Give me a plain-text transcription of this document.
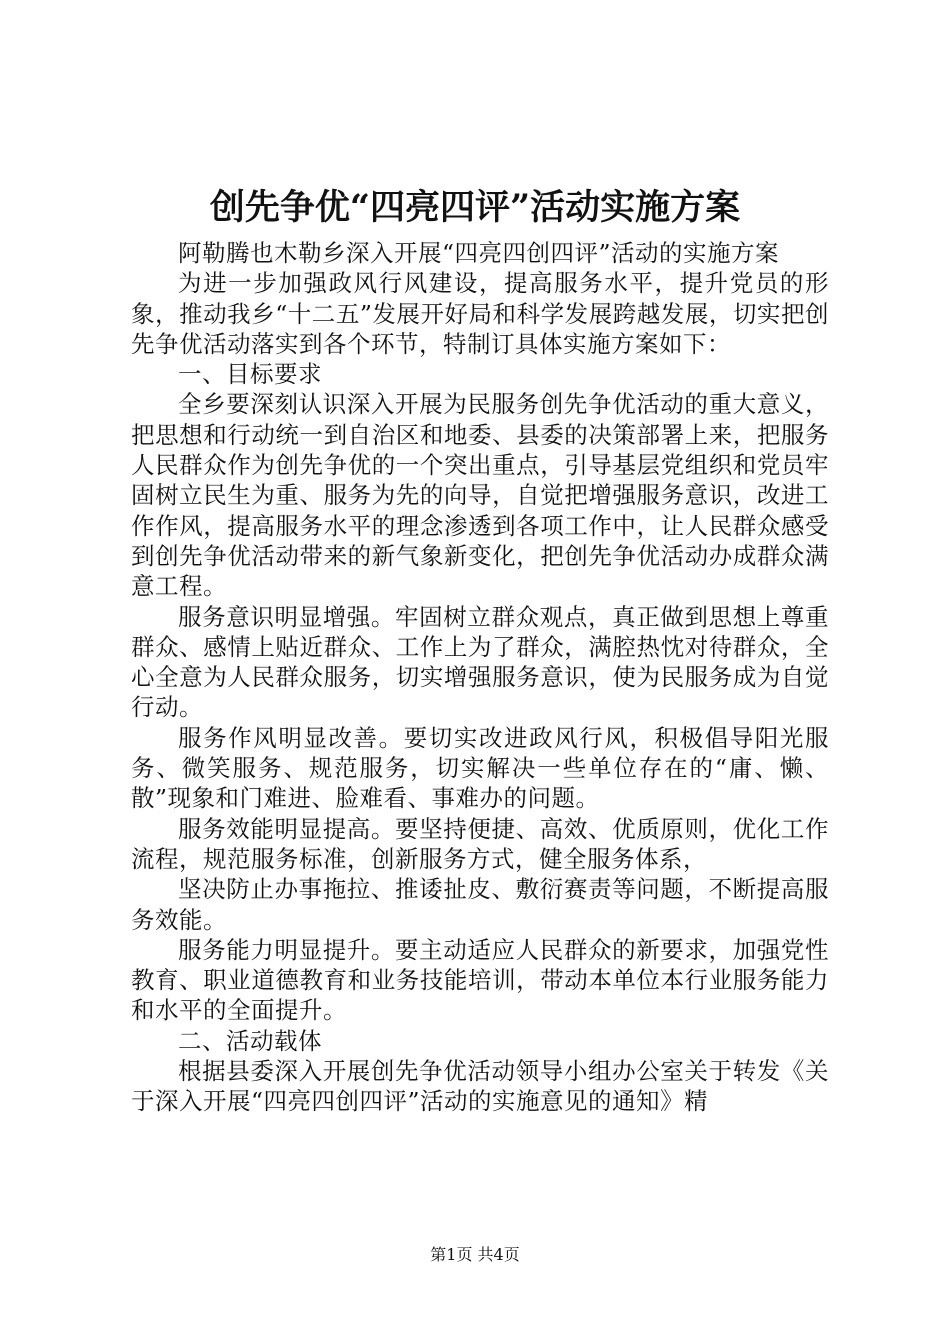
创先争优“四亮四评”活动实施方案

阿勒腾也木勒乡深入开展“四亮四创四评”活动的实施方案

为进一步加强政风行风建设，提高服务水平，提升党员的形象，推动我乡“十二五”发展开好局和科学发展跨越发展，切实把创先争优活动落实到各个环节，特制订具体实施方案如下：

一、目标要求

全乡要深刻认识深入开展为民服务创先争优活动的重大意义，把思想和行动统一到自治区和地委、县委的决策部署上来，把服务人民群众作为创先争优的一个突出重点，引导基层党组织和党员牢固树立民生为重、服务为先的向导，自觉把增强服务意识，改进工作作风，提高服务水平的理念渗透到各项工作中，让人民群众感受到创先争优活动带来的新气象新变化，把创先争优活动办成群众满意工程。

服务意识明显增强。牢固树立群众观点，真正做到思想上尊重群众、感情上贴近群众、工作上为了群众，满腔热忱对待群众，全心全意为人民群众服务，切实增强服务意识，使为民服务成为自觉行动。

服务作风明显改善。要切实改进政风行风，积极倡导阳光服务、微笑服务、规范服务，切实解决一些单位存在的“庸、懒、散”现象和门难进、脸难看、事难办的问题。

服务效能明显提高。要坚持便捷、高效、优质原则，优化工作流程，规范服务标准，创新服务方式，健全服务体系，

坚决防止办事拖拉、推诿扯皮、敷衍赛责等问题，不断提高服务效能。

服务能力明显提升。要主动适应人民群众的新要求，加强党性教育、职业道德教育和业务技能培训，带动本单位本行业服务能力和水平的全面提升。

二、活动载体

根据县委深入开展创先争优活动领导小组办公室关于转发《关于深入开展“四亮四创四评”活动的实施意见的通知》精

第1页 共4页
